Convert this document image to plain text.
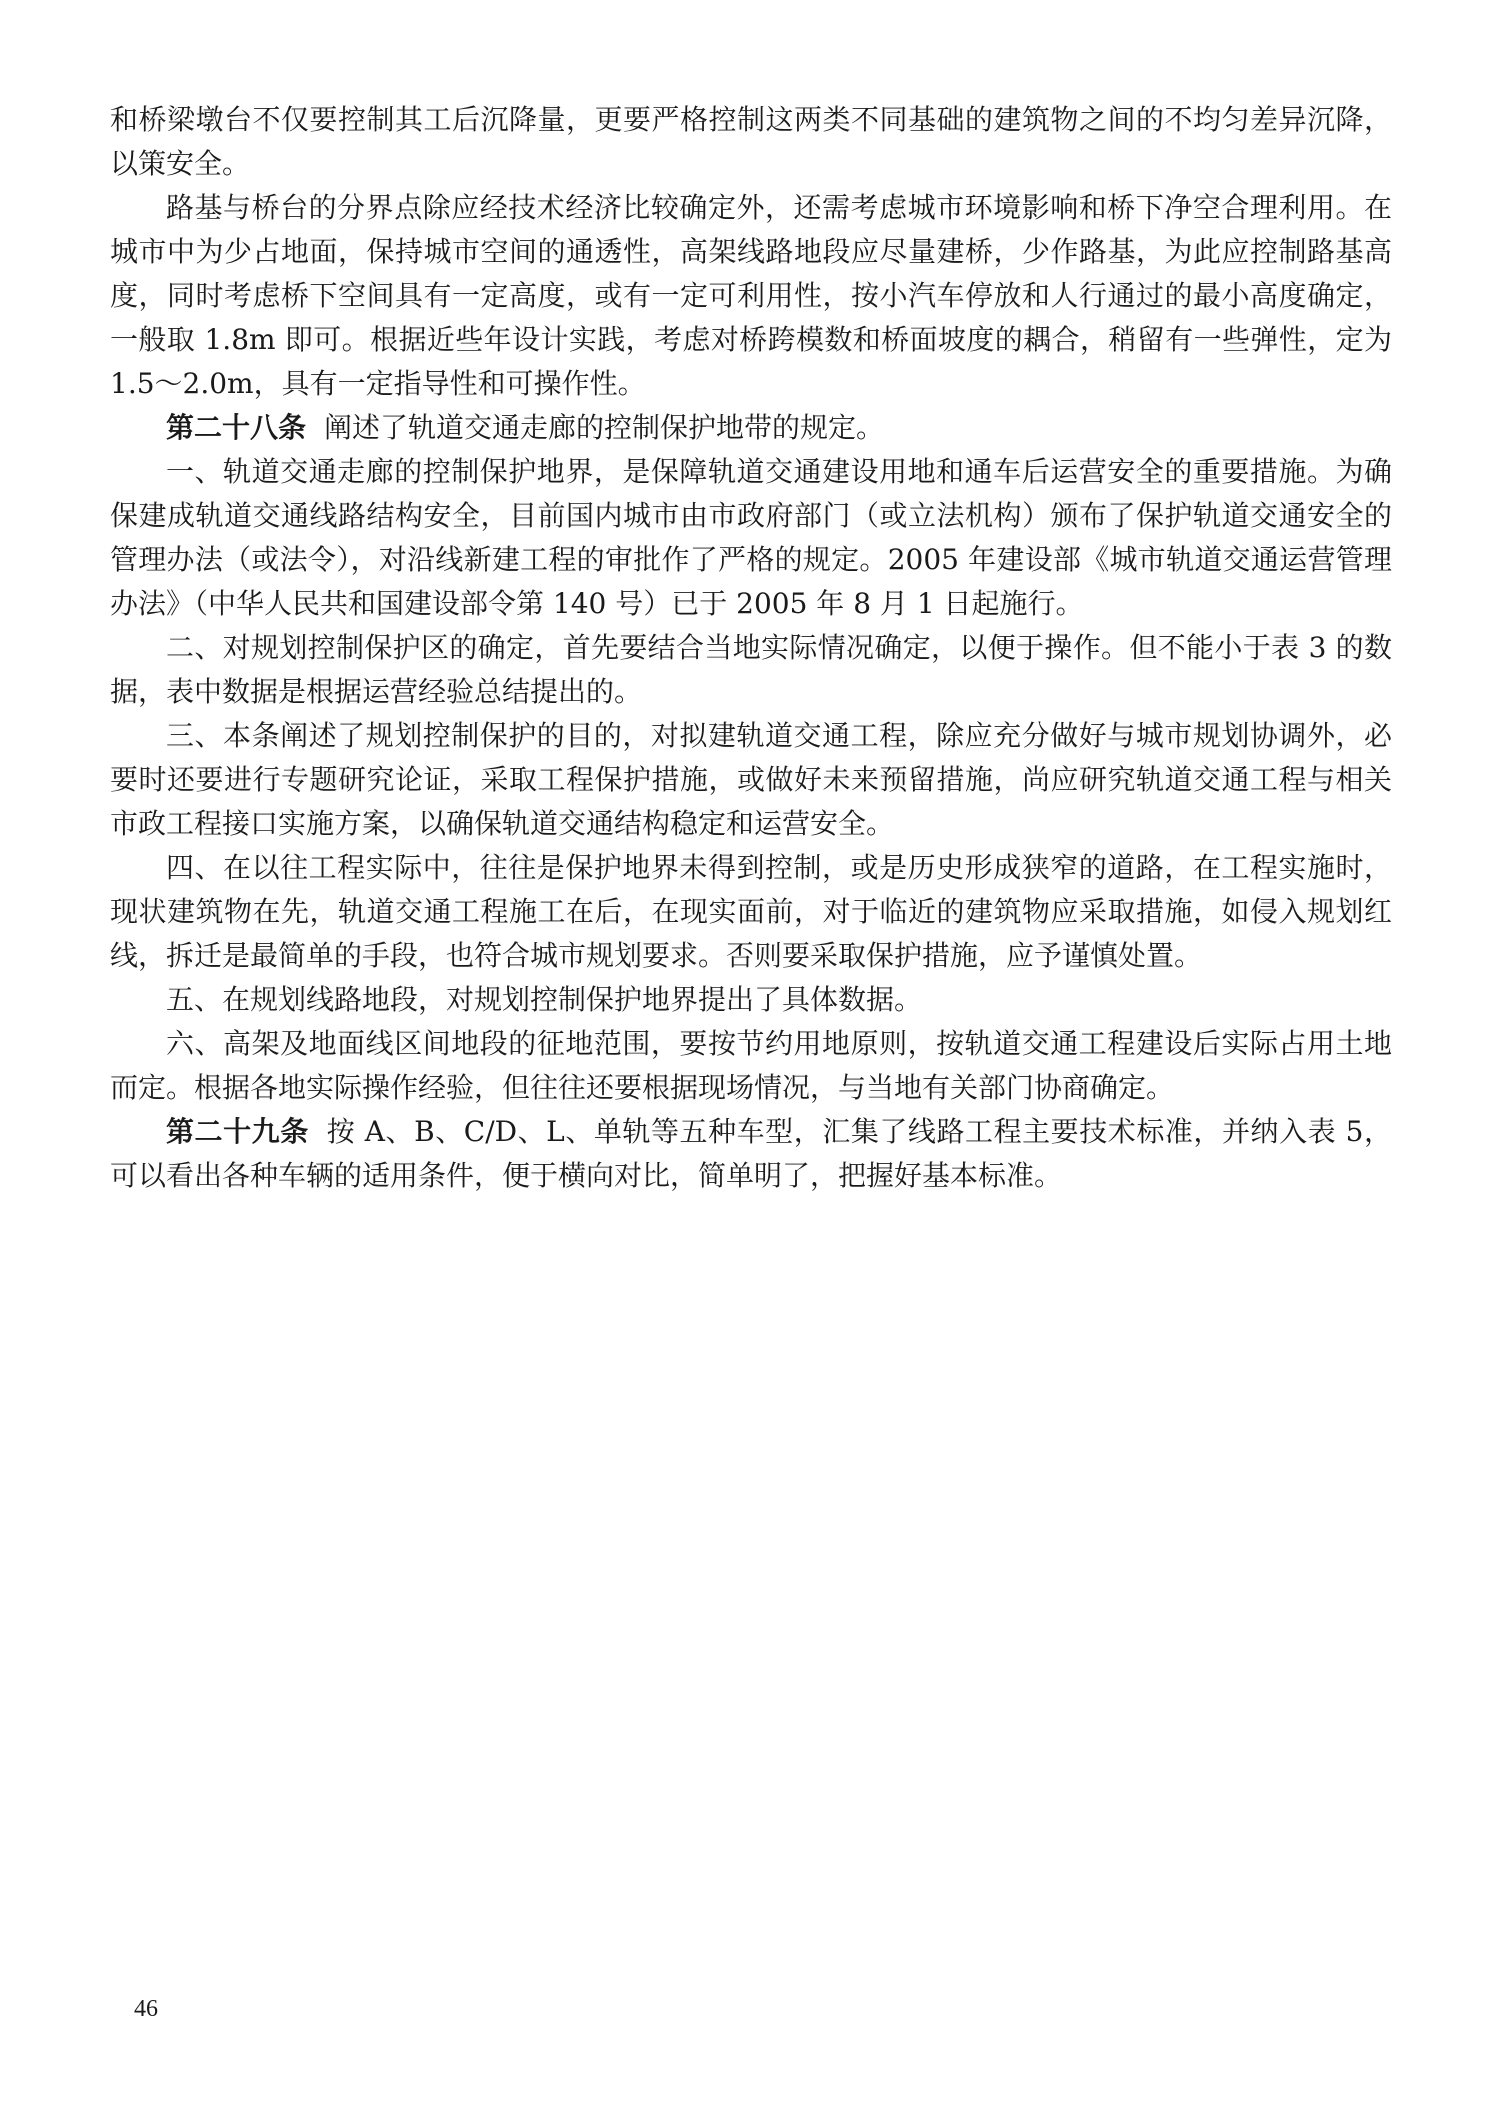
和桥梁墩台不仅要控制其工后沉降量，更要严格控制这两类不同基础的建筑物之间的不均匀差异沉降，以策安全。

路基与桥台的分界点除应经技术经济比较确定外，还需考虑城市环境影响和桥下净空合理利用。在城市中为少占地面，保持城市空间的通透性，高架线路地段应尽量建桥，少作路基，为此应控制路基高度，同时考虑桥下空间具有一定高度，或有一定可利用性，按小汽车停放和人行通过的最小高度确定，一般取 1.8m 即可。根据近些年设计实践，考虑对桥跨模数和桥面坡度的耦合，稍留有一些弹性，定为 1.5～2.0m，具有一定指导性和可操作性。

第二十八条 阐述了轨道交通走廊的控制保护地带的规定。

一、轨道交通走廊的控制保护地界，是保障轨道交通建设用地和通车后运营安全的重要措施。为确保建成轨道交通线路结构安全，目前国内城市由市政府部门（或立法机构）颁布了保护轨道交通安全的管理办法（或法令），对沿线新建工程的审批作了严格的规定。2005 年建设部《城市轨道交通运营管理办法》（中华人民共和国建设部令第 140 号）已于 2005 年 8 月 1 日起施行。

二、对规划控制保护区的确定，首先要结合当地实际情况确定，以便于操作。但不能小于表 3 的数据，表中数据是根据运营经验总结提出的。

三、本条阐述了规划控制保护的目的，对拟建轨道交通工程，除应充分做好与城市规划协调外，必要时还要进行专题研究论证，采取工程保护措施，或做好未来预留措施，尚应研究轨道交通工程与相关市政工程接口实施方案，以确保轨道交通结构稳定和运营安全。

四、在以往工程实际中，往往是保护地界未得到控制，或是历史形成狭窄的道路，在工程实施时，现状建筑物在先，轨道交通工程施工在后，在现实面前，对于临近的建筑物应采取措施，如侵入规划红线，拆迁是最简单的手段，也符合城市规划要求。否则要采取保护措施，应予谨慎处置。

五、在规划线路地段，对规划控制保护地界提出了具体数据。

六、高架及地面线区间地段的征地范围，要按节约用地原则，按轨道交通工程建设后实际占用土地而定。根据各地实际操作经验，但往往还要根据现场情况，与当地有关部门协商确定。

第二十九条 按 A、B、C/D、L、单轨等五种车型，汇集了线路工程主要技术标准，并纳入表 5，可以看出各种车辆的适用条件，便于横向对比，简单明了，把握好基本标准。

46
